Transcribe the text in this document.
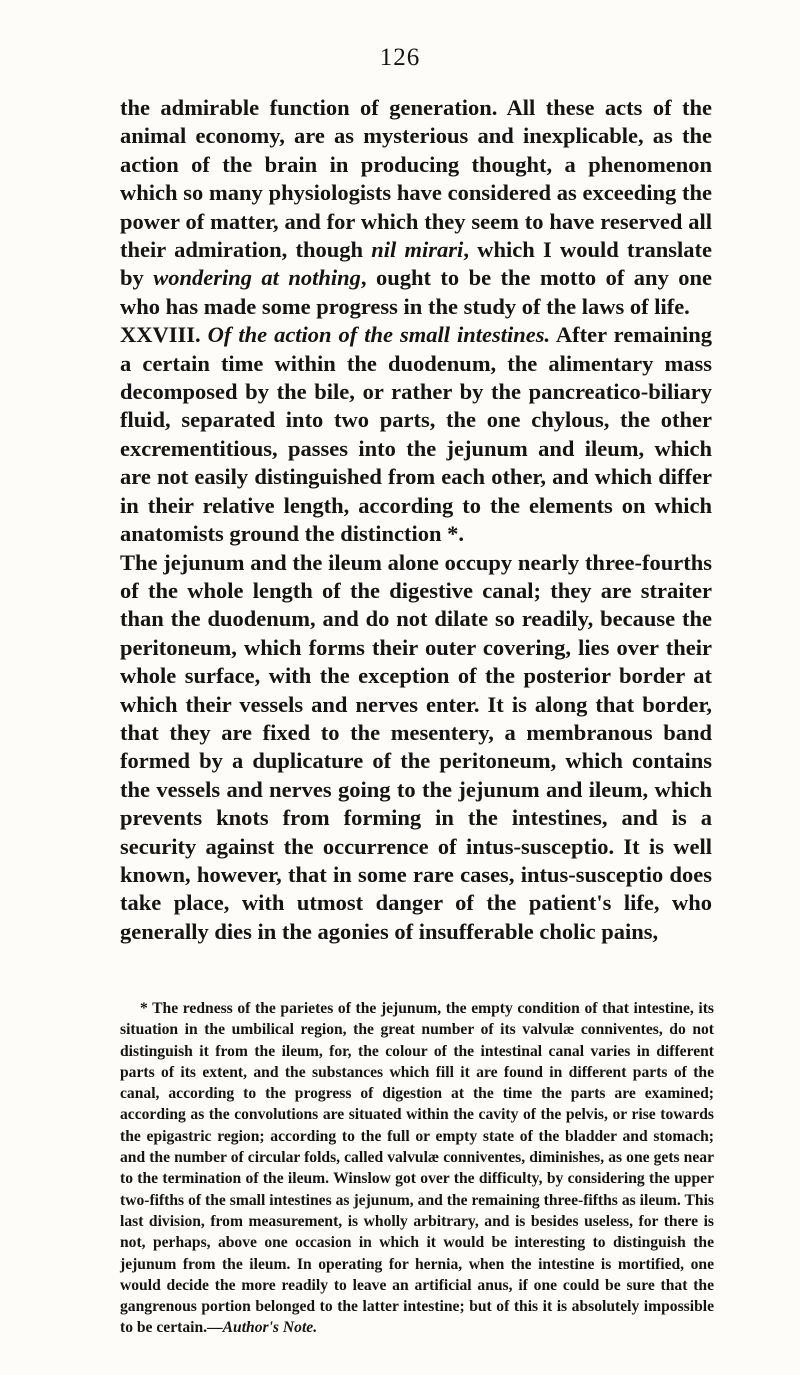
126

the admirable function of generation. All these acts of the animal economy, are as mysterious and inexplicable, as the action of the brain in producing thought, a phenomenon which so many physiologists have considered as exceeding the power of matter, and for which they seem to have reserved all their admiration, though nil mirari, which I would translate by wondering at nothing, ought to be the motto of any one who has made some progress in the study of the laws of life.

XXVIII. Of the action of the small intestines. After remaining a certain time within the duodenum, the alimentary mass decomposed by the bile, or rather by the pancreatico-biliary fluid, separated into two parts, the one chylous, the other excrementitious, passes into the jejunum and ileum, which are not easily distinguished from each other, and which differ in their relative length, according to the elements on which anatomists ground the distinction *.

The jejunum and the ileum alone occupy nearly three-fourths of the whole length of the digestive canal; they are straiter than the duodenum, and do not dilate so readily, because the peritoneum, which forms their outer covering, lies over their whole surface, with the exception of the posterior border at which their vessels and nerves enter. It is along that border, that they are fixed to the mesentery, a membranous band formed by a duplicature of the peritoneum, which contains the vessels and nerves going to the jejunum and ileum, which prevents knots from forming in the intestines, and is a security against the occurrence of intus-susceptio. It is well known, however, that in some rare cases, intus-susceptio does take place, with utmost danger of the patient's life, who generally dies in the agonies of insufferable cholic pains,

* The redness of the parietes of the jejunum, the empty condition of that intestine, its situation in the umbilical region, the great number of its valvulæ conniventes, do not distinguish it from the ileum, for, the colour of the intestinal canal varies in different parts of its extent, and the substances which fill it are found in different parts of the canal, according to the progress of digestion at the time the parts are examined; according as the convolutions are situated within the cavity of the pelvis, or rise towards the epigastric region; according to the full or empty state of the bladder and stomach; and the number of circular folds, called valvulæ conniventes, diminishes, as one gets near to the termination of the ileum. Winslow got over the difficulty, by considering the upper two-fifths of the small intestines as jejunum, and the remaining three-fifths as ileum. This last division, from measurement, is wholly arbitrary, and is besides useless, for there is not, perhaps, above one occasion in which it would be interesting to distinguish the jejunum from the ileum. In operating for hernia, when the intestine is mortified, one would decide the more readily to leave an artificial anus, if one could be sure that the gangrenous portion belonged to the latter intestine; but of this it is absolutely impossible to be certain.—Author's Note.
